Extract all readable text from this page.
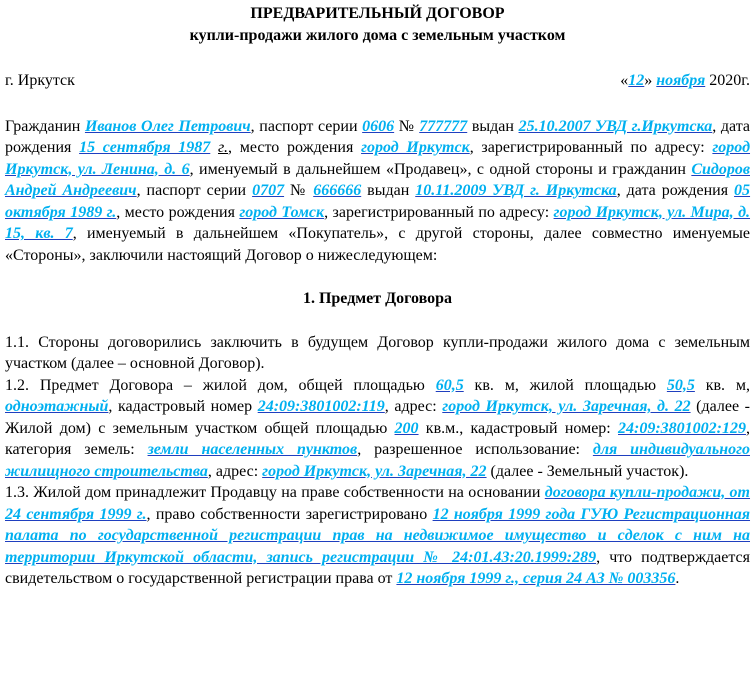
ПРЕДВАРИТЕЛЬНЫЙ ДОГОВОР

купли-продажи жилого дома с земельным участком

г. Иркутск	«12» ноября 2020г.

Гражданин Иванов Олег Петрович, паспорт серии 0606 № 777777 выдан 25.10.2007 УВД г.Иркутска, дата рождения 15 сентября 1987 г., место рождения город Иркутск, зарегистрированный по адресу: город Иркутск, ул. Ленина, д. 6, именуемый в дальнейшем «Продавец», с одной стороны и гражданин Сидоров Андрей Андреевич, паспорт серии 0707 № 666666 выдан 10.11.2009 УВД г. Иркутска, дата рождения 05 октября 1989 г., место рождения город Томск, зарегистрированный по адресу: город Иркутск, ул. Мира, д. 15, кв. 7, именуемый в дальнейшем «Покупатель», с другой стороны, далее совместно именуемые «Стороны», заключили настоящий Договор о нижеследующем:

1. Предмет Договора

1.1. Стороны договорились заключить в будущем Договор купли-продажи жилого дома с земельным участком (далее – основной Договор).

1.2. Предмет Договора – жилой дом, общей площадью 60,5 кв. м, жилой площадью 50,5 кв. м, одноэтажный, кадастровый номер 24:09:3801002:119, адрес: город Иркутск, ул. Заречная, д. 22 (далее - Жилой дом) с земельным участком общей площадью 200 кв.м., кадастровый номер: 24:09:3801002:129, категория земель: земли населенных пунктов, разрешенное использование: для индивидуального жилищного строительства, адрес: город Иркутск, ул. Заречная, 22 (далее - Земельный участок).

1.3. Жилой дом принадлежит Продавцу на праве собственности на основании договора купли-продажи, от 24 сентября 1999 г., право собственности зарегистрировано 12 ноября 1999 года ГУЮ Регистрационная палата по государственной регистрации прав на недвижимое имущество и сделок с ним на территории Иркутской области, запись регистрации № 24:01.43:20.1999:289, что подтверждается свидетельством о государственной регистрации права от 12 ноября 1999 г., серия 24 АЗ № 003356.
